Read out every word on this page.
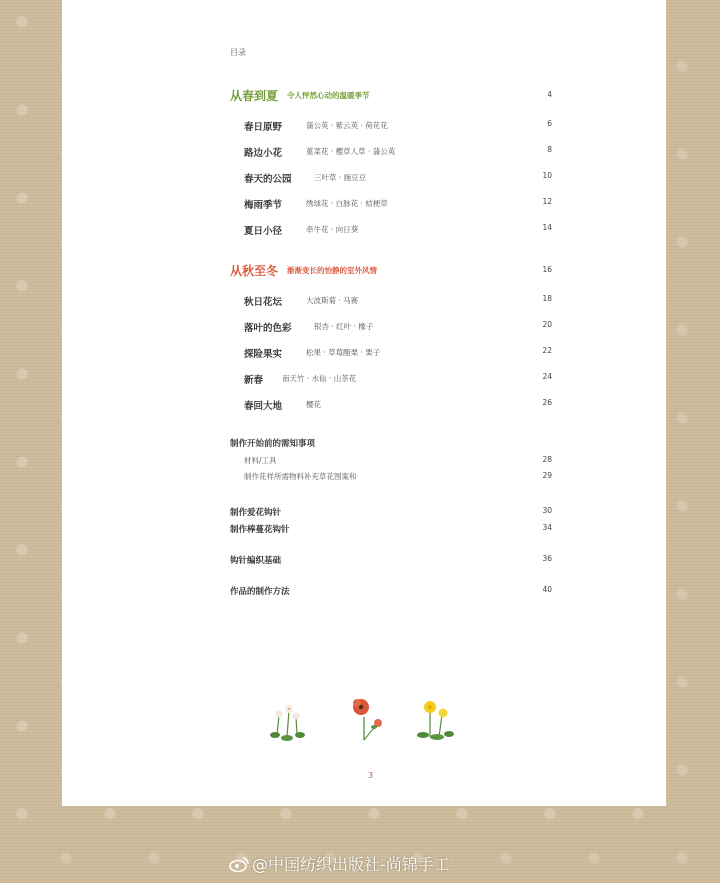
目录
从春到夏 令人怦然心动的温暖季节	4
春日原野	蒲公英 · 紫云英 · 荷花花	6
路边小花	堇菜花 · 樱草人草 · 蒲公英	8
春天的公园	三叶草 · 豌豆豆	10
梅雨季节	绣球花 · 白脉花 · 桔梗草	12
夏日小径	牵牛花 · 向日葵	14
从秋至冬 渐渐变长的怡静的室外风情	16
秋日花坛	大波斯菊 · 马赛	18
落叶的色彩	银杏 · 红叶 · 橡子	20
探险果实	松果 · 草莓醋栗 · 栗子	22
新春	南天竹 · 水仙 · 山茶花	24
春回大地	樱花	26
制作开始前的需知事项
材料/工具	28
制作花样所需物料补充草花图案和	29
制作爱花钩针	30
制作棒蔓花钩针	34
钩针编织基础	36
作品的制作方法	40
3
@中国纺织出版社-尚锦手工
